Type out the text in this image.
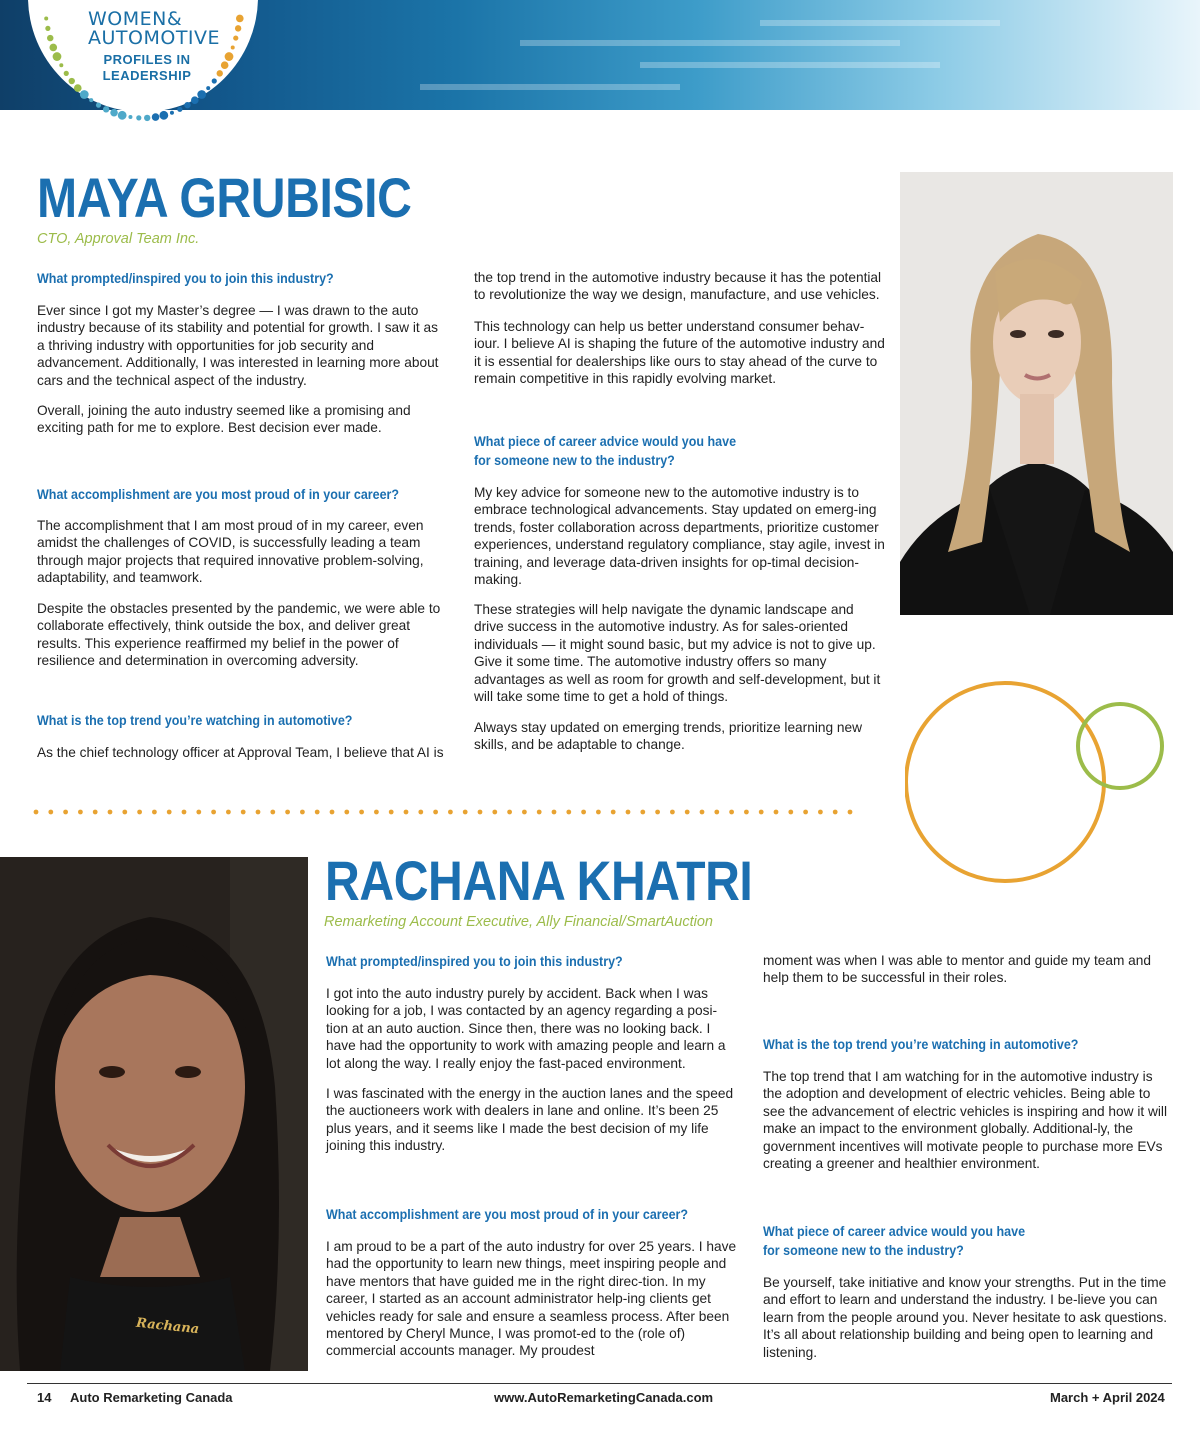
WOMEN&
AUTOMOTIVE
PROFILES IN
LEADERSHIP
MAYA GRUBISIC
CTO, Approval Team Inc.
What prompted/inspired you to join this industry?
Ever since I got my Master’s degree — I was drawn to the auto industry because of its stability and potential for growth. I saw it as a thriving industry with opportunities for job security and advancement. Additionally, I was interested in learning more about cars and the technical aspect of the industry.
Overall, joining the auto industry seemed like a promising and exciting path for me to explore. Best decision ever made.
What accomplishment are you most proud of in your career?
The accomplishment that I am most proud of in my career, even amidst the challenges of COVID, is successfully leading a team through major projects that required innovative problem-solving, adaptability, and teamwork.
Despite the obstacles presented by the pandemic, we were able to collaborate effectively, think outside the box, and deliver great results. This experience reaffirmed my belief in the power of resilience and determination in overcoming adversity.
What is the top trend you’re watching in automotive?
As the chief technology officer at Approval Team, I believe that AI is
the top trend in the automotive industry because it has the potential to revolutionize the way we design, manufacture, and use vehicles.
This technology can help us better understand consumer behav-iour. I believe AI is shaping the future of the automotive industry and it is essential for dealerships like ours to stay ahead of the curve to remain competitive in this rapidly evolving market.
What piece of career advice would you have
for someone new to the industry?
My key advice for someone new to the automotive industry is to embrace technological advancements. Stay updated on emerg-ing trends, foster collaboration across departments, prioritize customer experiences, understand regulatory compliance, stay agile, invest in training, and leverage data-driven insights for op-timal decision-making.
These strategies will help navigate the dynamic landscape and drive success in the automotive industry. As for sales-oriented individuals — it might sound basic, but my advice is not to give up. Give it some time. The automotive industry offers so many advantages as well as room for growth and self-development, but it will take some time to get a hold of things.
Always stay updated on emerging trends, prioritize learning new skills, and be adaptable to change.
Rachana
RACHANA KHATRI
Remarketing Account Executive, Ally Financial/SmartAuction
What prompted/inspired you to join this industry?
I got into the auto industry purely by accident. Back when I was looking for a job, I was contacted by an agency regarding a posi-tion at an auto auction. Since then, there was no looking back. I have had the opportunity to work with amazing people and learn a lot along the way. I really enjoy the fast-paced environment.
I was fascinated with the energy in the auction lanes and the speed the auctioneers work with dealers in lane and online. It’s been 25 plus years, and it seems like I made the best decision of my life joining this industry.
What accomplishment are you most proud of in your career?
I am proud to be a part of the auto industry for over 25 years. I have had the opportunity to learn new things, meet inspiring people and have mentors that have guided me in the right direc-tion. In my career, I started as an account administrator help-ing clients get vehicles ready for sale and ensure a seamless process. After been mentored by Cheryl Munce, I was promot-ed to the (role of) commercial accounts manager. My proudest
moment was when I was able to mentor and guide my team and help them to be successful in their roles.
What is the top trend you’re watching in automotive?
The top trend that I am watching for in the automotive industry is the adoption and development of electric vehicles. Being able to see the advancement of electric vehicles is inspiring and how it will make an impact to the environment globally. Additional-ly, the government incentives will motivate people to purchase more EVs creating a greener and healthier environment.
What piece of career advice would you have
for someone new to the industry?
Be yourself, take initiative and know your strengths. Put in the time and effort to learn and understand the industry. I be-lieve you can learn from the people around you. Never hesitate to ask questions. It’s all about relationship building and being open to learning and listening.
14 Auto Remarketing Canada	www.AutoRemarketingCanada.com	March + April 2024
